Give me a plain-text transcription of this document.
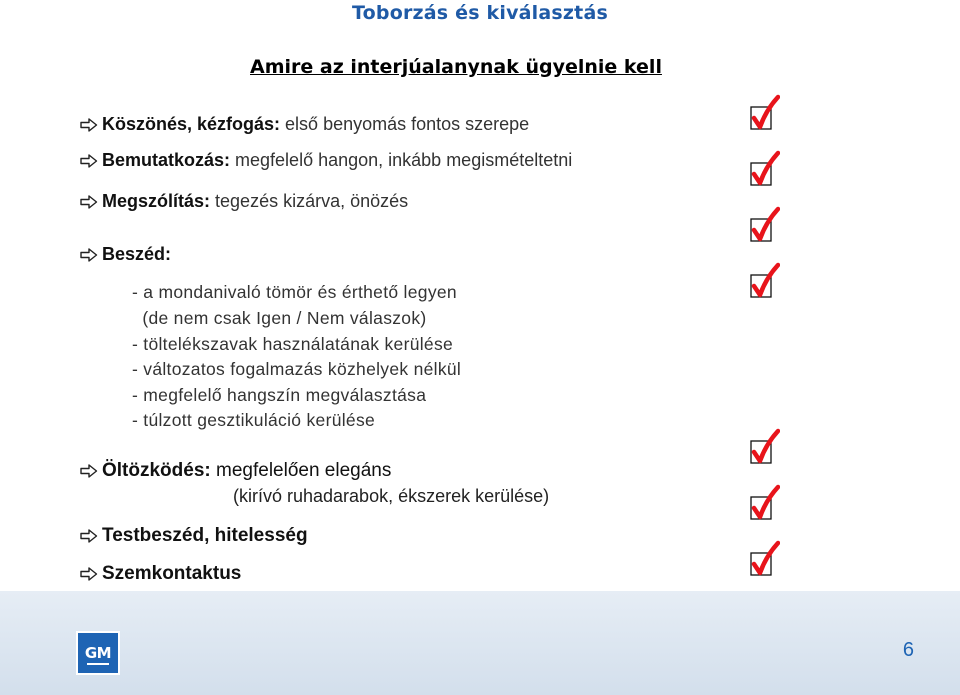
Toborzás és kiválasztás
Amire az interjúalanynak ügyelnie kell
Köszönés, kézfogás: első benyomás fontos szerepe
Bemutatkozás: megfelelő hangon, inkább megismételtetni
Megszólítás: tegezés kizárva, önözés
Beszéd:
- a mondanivaló tömör és érthető legyen
(de nem csak Igen / Nem válaszok)
- töltelékszavak használatának kerülése
- változatos fogalmazás közhelyek nélkül
- megfelelő hangszín megválasztása
- túlzott gesztikuláció kerülése
Öltözködés: megfelelően elegáns
(kirívó ruhadarabok, ékszerek kerülése)
Testbeszéd, hitelesség
Szemkontaktus
GM	6
